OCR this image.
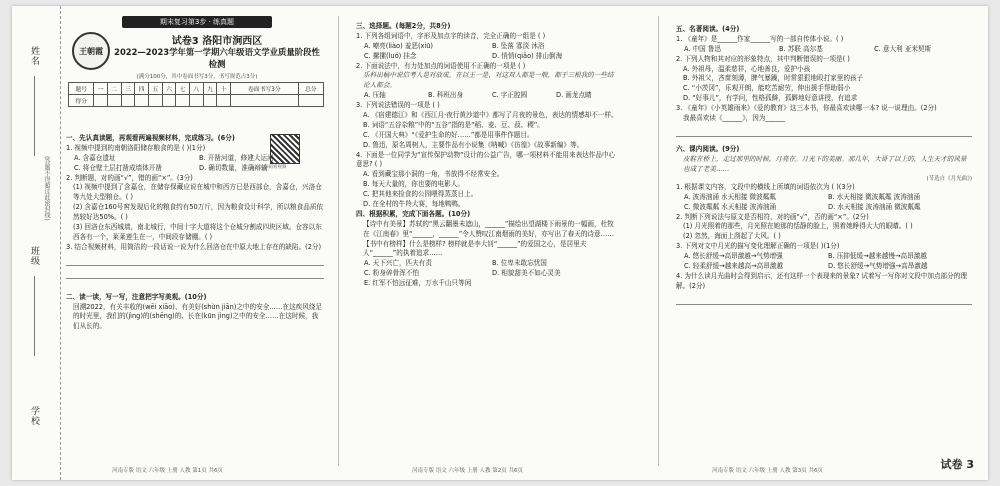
姓名
班级
学校
(答题不得超过此密封线)
期末复习第3步 · 练真题
王朝霞
试卷3 洛阳市涧西区
2022—2023学年第一学期六年级语文学业质量阶段性检测
(满分100分，其中卷面书写3分，书写规范占3分)
题号	一	二	三	四	五	六	七	八	九	十	卷面书写3分	总分
得分												
扫码看视频

一、先认真读题，再观看两遍视频材料，完成练习。(6分)

1. 视频中提到的南朝洛阳储存粮食的是 ( )(1分)

A. 含嘉仓遗址	B. 开凿河道，修建大运河
C. 将仓壁土层打凿成墙体开凿	D. 确切数量，准确辩输

2. 判断题，对的画“√”，错的画“×”。(3分)

(1) 视频中提到了含嘉仓，在储存保藏应说在城中和西方已是西部仓，含嘉仓，兴洛仓等九处大型粮仓。( )

(2) 含嘉仓160号窖发现后化的粮食约有50万斤，因为粮食设计科学，所以粮食品质依然较好达50%。( )

(3) 回洛仓东西城墙，南北城行，中间十字大道将这个仓城分割成四块区域。仓容以东西各有一个，莱莱莲生在一，中间段存储棚。( )

3. 结合视频材料，用简洁的一段话说一说为什么回洛仓在中原大地上存在的缺陷。(2分)

二、读一读，写一写，注意把字写美观。(10分)

回溯2022，有关丰收的(wēi xiāo)、有美好(shùn jiān)之中的安全……在这疾风绕足的时光里，我们的(jìng)的(shēng)的、长在(kūn jìng)之中的安全……在这时候，我们从长的。

三、选择题。(每题2分，共8分)

1. 下列各组词语中，字形及加点字的读音，完全正确的一组是 ( )

A. 嘹亮(liào) 羞恶(xiū)	B. 坠落 寡淡 沐浴
C. 摞摞(luó) 挂念	D. 悄悄(qiǎo) 排山倒海

2. 下面说法中，有力处加点的词语使用不正确的一项是 ( )

乐科出稿中说信考人是对放成。在以王一是，对这双人都是一般，都于三根我的一些结论人都会。

A. 压轴	B. 科班出身	C. 字正腔圆	D. 画龙点睛

3. 下列说法错误的一项是 ( )

A. 《宿建德江》和《西江月·夜行黄沙道中》都写了月夜的景色，表达的情感却不一样。

B. 词语“五谷杂粮”中的“五谷”指的是“稻、麦、豆、菽、稷”。

C. 《开国大典》“《爱护生命的好……”都是用事件作题目。

D. 鲁迅，原名周树人，主要作品有小说集《呐喊》《彷徨》《故事新编》等。

4. 下面是一位同学为“宣传保护动物”设计的公益广告，哪一项材料不能用来表达作品中心意思? ( )

A. 看到藏宝那小洞的一角，书放得不经常安全。

B. 每天大量的，你也要的电影人。

C. 把其他来捡食的公园喂得蒸蒸日上。

D. 在全村的牛羚大赛，每地鸭鸭。

四、根据积累，完成下面各题。(10分)

【诗中有美景】苏轼的“黑云翻墨未遮山，______”描绘出望湖楼下雨景的一幅画，杜牧在《江南春》里“______，______”令人赞叹江南烟雨的美好，亦写出了春天的诗意……

【书中有榜样】什么是榜样? 榜样就是李大钊“______”的爱国之心，是居里夫人“______”的执着追求……

A. 天下兴亡，匹夫有责	B. 位卑未敢忘忧国
C. 粉身碎骨浑不怕	D. 相貌甜美不如心灵美
E. 红军不怕远征难，万水千山只等闲

五、名著阅读。(4分)

1. 《童年》是______作家______写的一部自传体小说。( )

A. 中国 鲁迅	B. 苏联 高尔基	C. 意大利 亚米契斯

2. 下列人物和其对应的形象特点，其中判断错误的一项是( )

A. 外祖母，温柔慈祥，心地善良，爱护小孩

B. 外祖父，吝啬刻薄，脾气暴躁，时常狠狠地殴打家里的孩子

C. “小茨冈”，乐观开朗，能吃苦耐劳，伸出援手帮助弱小

D. “好事儿”，有学问，性格孤僻，孤僻地好意讲授，有追求

3. 《童年》《小英雄雨来》《爱的教育》这三本书，你最喜欢读哪一本? 说一说理由。(2分)

我最喜欢读《______》，因为______

六、课内阅读。(9分)

皮鞋在桥上，走过那里的时候，月亮在。月光下的美丽。那几年，大哥了以上的，人生天才的风景也成了老美……

(节选自《月光曲》)

1. 根据课文内容，文段中的横线上所填的词语依次为 ( )(3分)

A. 波涛汹涌 水天相接 微波粼粼	B. 水天相接 微波粼粼 波涛汹涌
C. 微波粼粼 水天相接 波涛汹涌	D. 水天相接 波涛汹涌 微波粼粼

2. 判断下列说法与原文是否相符，对的画“√”，否的画“×”。(2分)

(1) 月光照着的那些，月光照在她那的恬静的脸上，照着她睁得大大的眼睛。( )

(2) 忽然，海面上刮起了大风。( )

3. 下列对文中月光的描写变化理解正确的一项是( )(1分)

A. 悠长舒缓→高昂激越→气势增强	B. 压抑低缓→越来越慢→高昂激越
C. 轻柔舒缓→越来越高→高昂激越	D. 悠长舒缓→气势增强→高昂激越

4. 为什么读月光曲时会得到启示，还有这样一个表现来的景象? 试着写一写你对文段中加点部分的理解。(2分)

河南专版 语文 六年级 上册 人教 第1页 共6页	河南专版 语文 六年级 上册 人教 第2页 共6页	河南专版 语文 六年级 上册 人教 第3页 共6页	试卷 3
